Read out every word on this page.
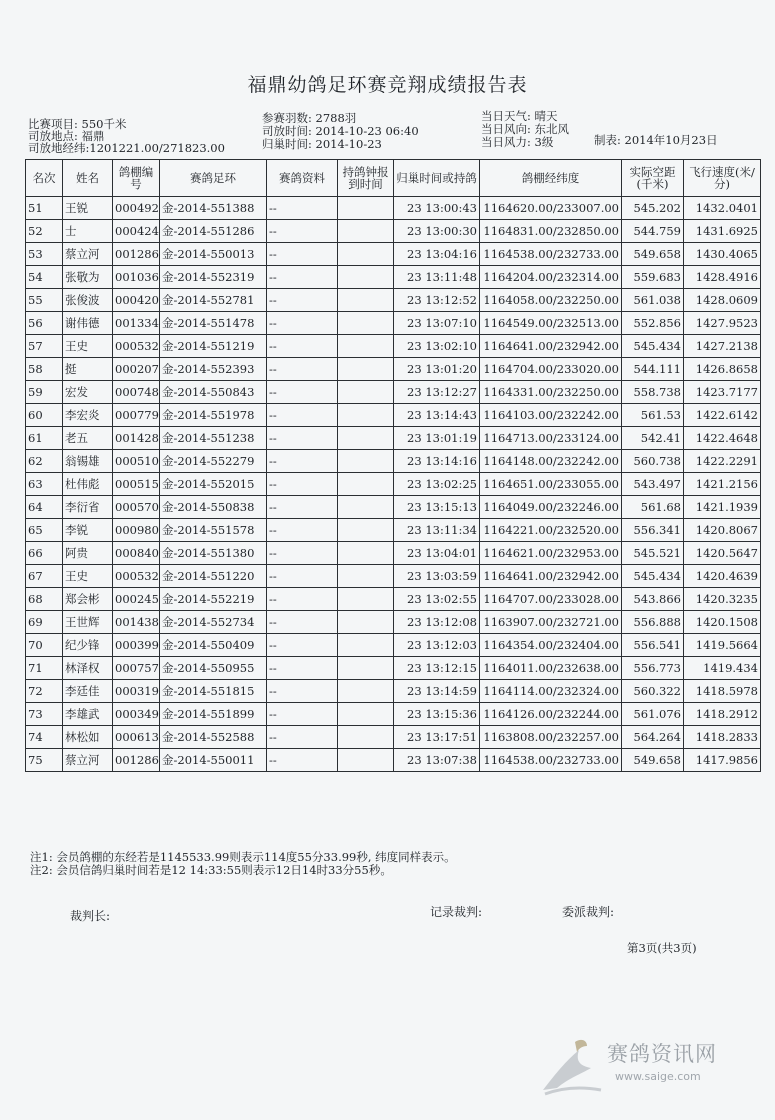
福鼎幼鸽足环赛竞翔成绩报告表
比赛项目: 550千米
司放地点: 福鼎
司放地经纬:1201221.00/271823.00
参赛羽数: 2788羽
司放时间: 2014-10-23 06:40
归巢时间: 2014-10-23
当日天气: 晴天
当日风向: 东北风
当日风力: 3级	制表: 2014年10月23日
名次	姓名	鸽棚编号	赛鸽足环	赛鸽资料	持鸽钟报到时间	归巢时间或持鸽	鸽棚经纬度	实际空距(千米)	飞行速度(米/分)
51	王锐	000492	金-2014-551388	--		23 13:00:43	1164620.00/233007.00	545.202	1432.0401
52	士	000424	金-2014-551286	--		23 13:00:30	1164831.00/232850.00	544.759	1431.6925
53	蔡立河	001286	金-2014-550013	--		23 13:04:16	1164538.00/232733.00	549.658	1430.4065
54	张敬为	001036	金-2014-552319	--		23 13:11:48	1164204.00/232314.00	559.683	1428.4916
55	张俊波	000420	金-2014-552781	--		23 13:12:52	1164058.00/232250.00	561.038	1428.0609
56	谢伟德	001334	金-2014-551478	--		23 13:07:10	1164549.00/232513.00	552.856	1427.9523
57	王史	000532	金-2014-551219	--		23 13:02:10	1164641.00/232942.00	545.434	1427.2138
58	挺	000207	金-2014-552393	--		23 13:01:20	1164704.00/233020.00	544.111	1426.8658
59	宏发	000748	金-2014-550843	--		23 13:12:27	1164331.00/232250.00	558.738	1423.7177
60	李宏炎	000779	金-2014-551978	--		23 13:14:43	1164103.00/232242.00	561.53	1422.6142
61	老五	001428	金-2014-551238	--		23 13:01:19	1164713.00/233124.00	542.41	1422.4648
62	翁锡雄	000510	金-2014-552279	--		23 13:14:16	1164148.00/232242.00	560.738	1422.2291
63	杜伟彪	000515	金-2014-552015	--		23 13:02:25	1164651.00/233055.00	543.497	1421.2156
64	李衍省	000570	金-2014-550838	--		23 13:15:13	1164049.00/232246.00	561.68	1421.1939
65	李锐	000980	金-2014-551578	--		23 13:11:34	1164221.00/232520.00	556.341	1420.8067
66	阿贵	000840	金-2014-551380	--		23 13:04:01	1164621.00/232953.00	545.521	1420.5647
67	王史	000532	金-2014-551220	--		23 13:03:59	1164641.00/232942.00	545.434	1420.4639
68	郑会彬	000245	金-2014-552219	--		23 13:02:55	1164707.00/233028.00	543.866	1420.3235
69	王世辉	001438	金-2014-552734	--		23 13:12:08	1163907.00/232721.00	556.888	1420.1508
70	纪少锋	000399	金-2014-550409	--		23 13:12:03	1164354.00/232404.00	556.541	1419.5664
71	林泽权	000757	金-2014-550955	--		23 13:12:15	1164011.00/232638.00	556.773	1419.434
72	李廷佳	000319	金-2014-551815	--		23 13:14:59	1164114.00/232324.00	560.322	1418.5978
73	李雄武	000349	金-2014-551899	--		23 13:15:36	1164126.00/232244.00	561.076	1418.2912
74	林松如	000613	金-2014-552588	--		23 13:17:51	1163808.00/232257.00	564.264	1418.2833
75	蔡立河	001286	金-2014-550011	--		23 13:07:38	1164538.00/232733.00	549.658	1417.9856
注1: 会员鸽棚的东经若是1145533.99则表示114度55分33.99秒, 纬度同样表示。
注2: 会员信鸽归巢时间若是12 14:33:55则表示12日14时33分55秒。
裁判长:	记录裁判:	委派裁判:
第3页(共3页)
赛鸽资讯网
www.saige.com
